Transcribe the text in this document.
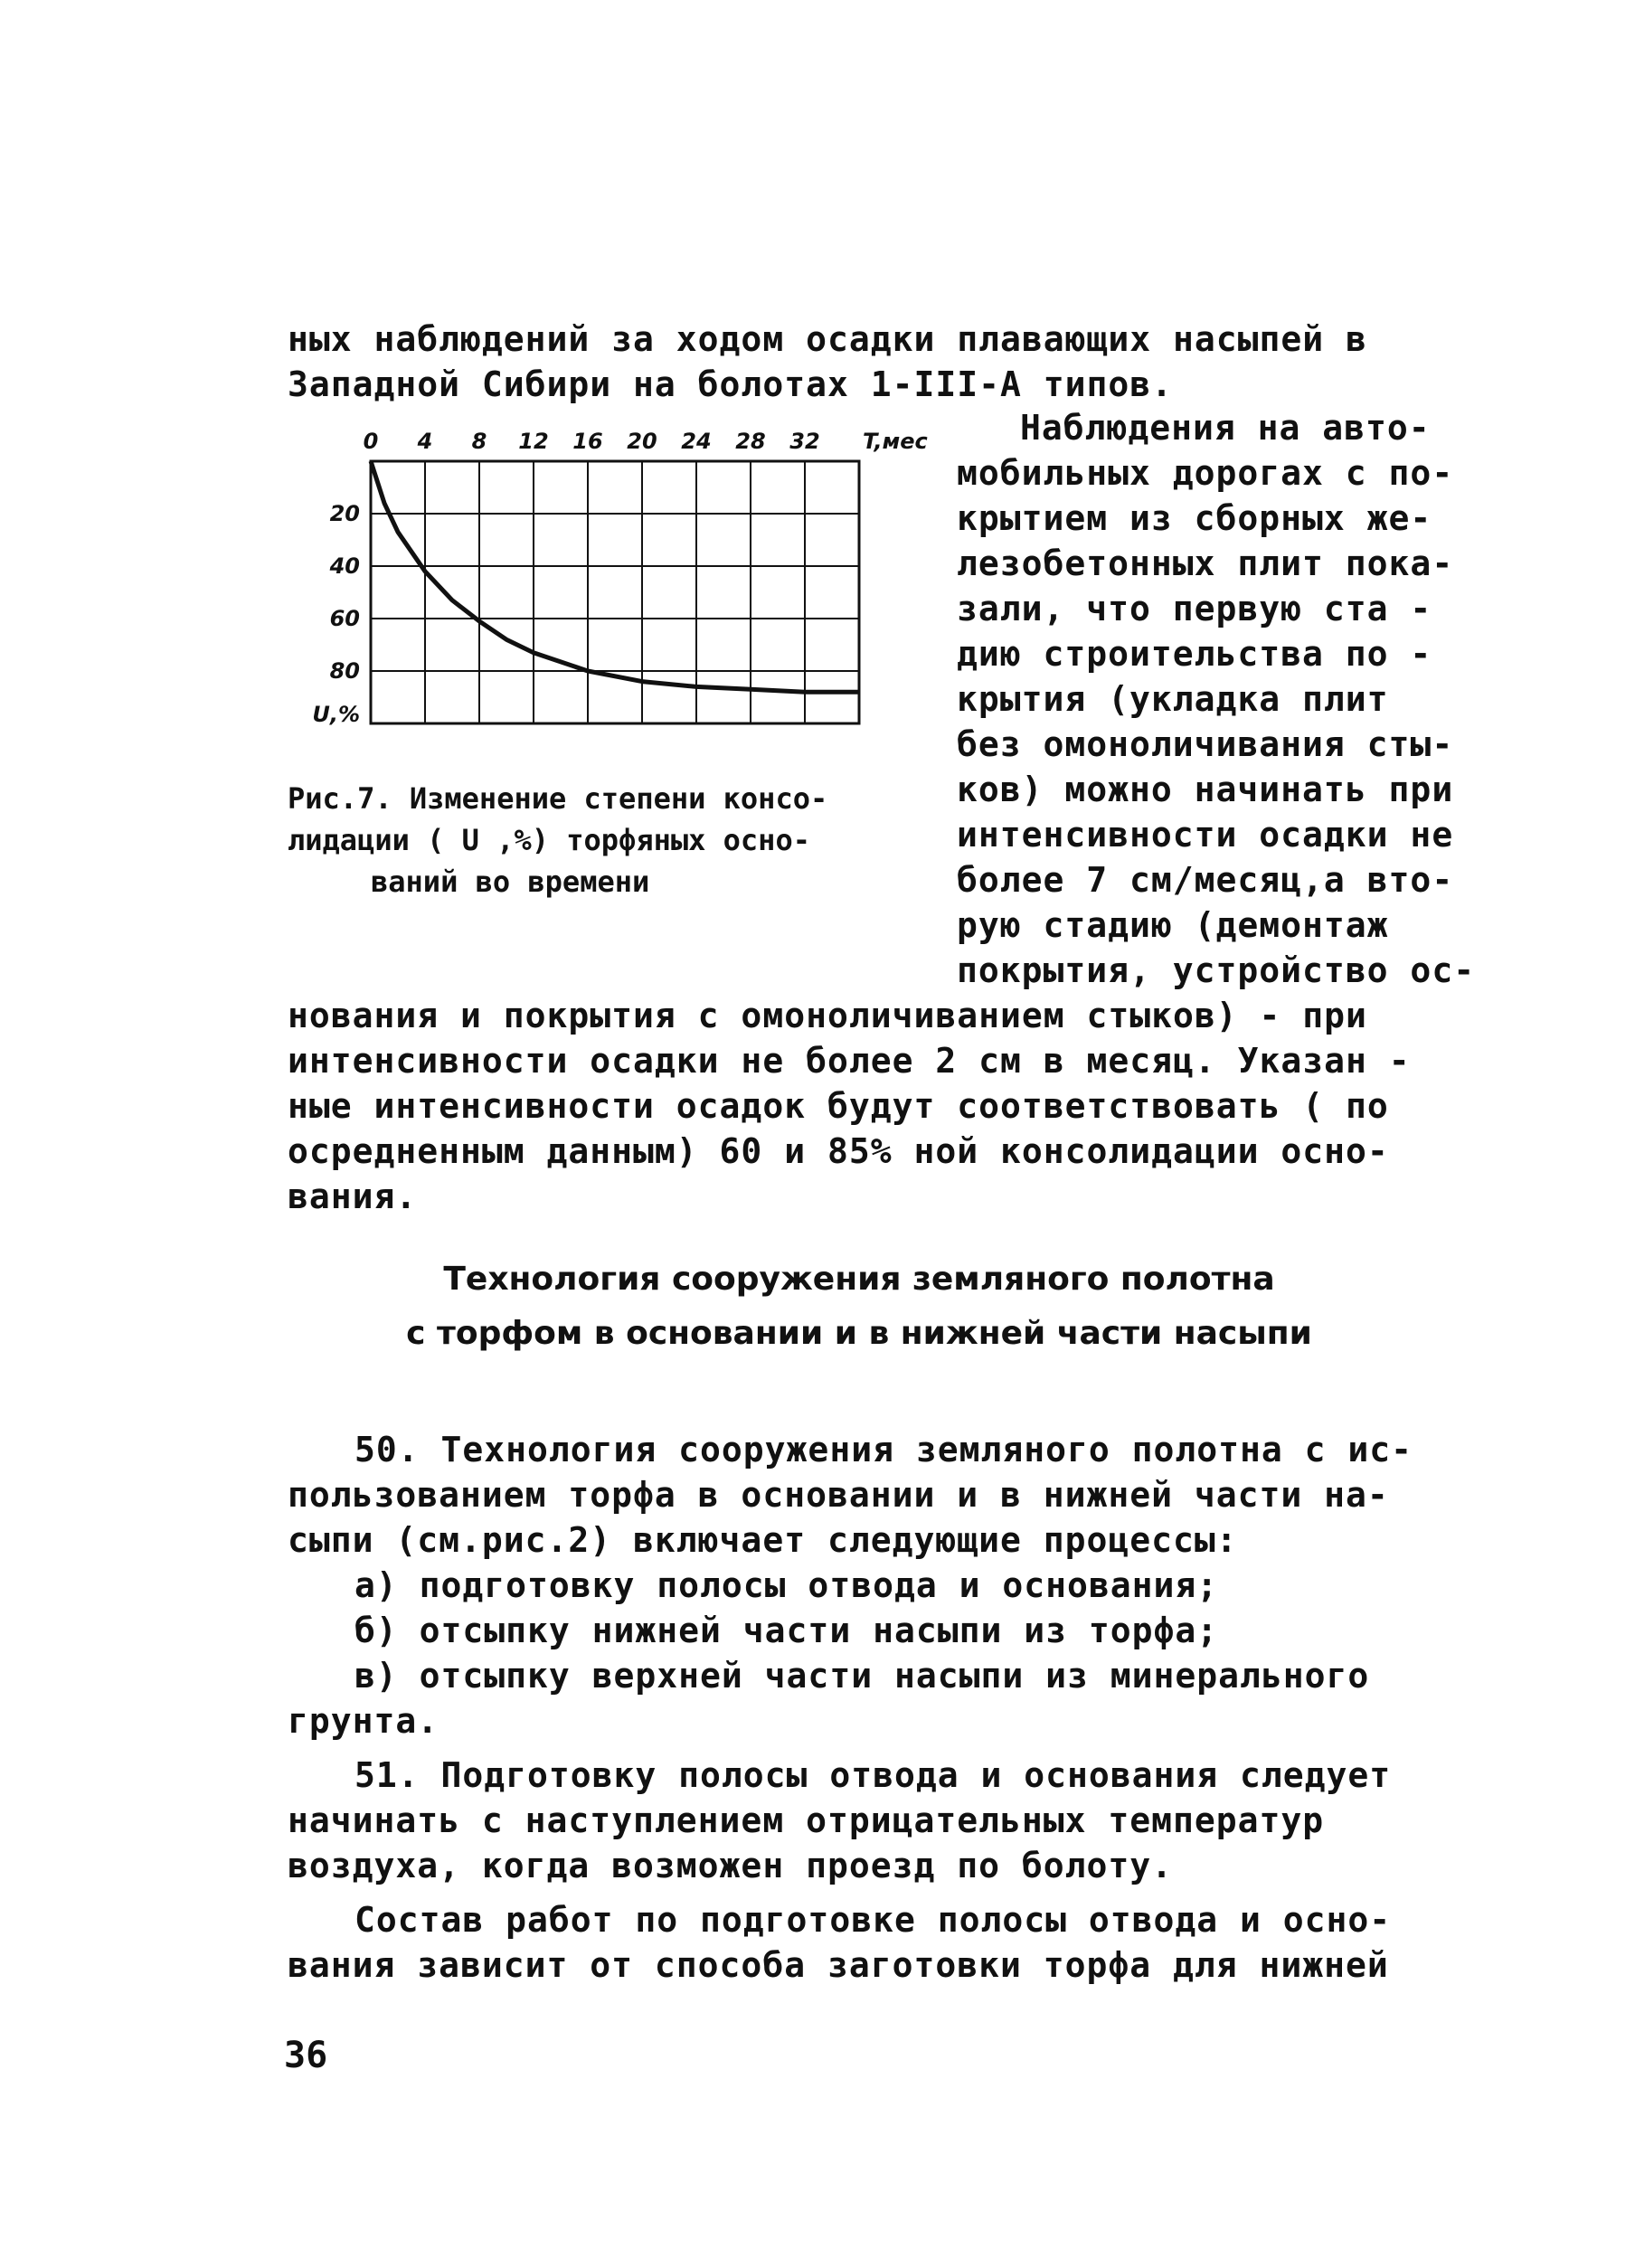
ных наблюдений за ходом осадки плавающих насыпей в
Западной Сибири на болотах 1-III-А типов.
0 4 8 12 16 20 24 28 32 T,мес
20
40
60
80
U,%
Рис.7. Изменение степени консо-
лидации ( U ,%) торфяных осно-
ваний во времени
Наблюдения на авто-
мобильных дорогах с по-
крытием из сборных же-
лезобетонных плит пока-
зали, что первую ста -
дию строительства по -
крытия (укладка плит
без омоноличивания сты-
ков) можно начинать при
интенсивности осадки не
более 7 см/месяц,а вто-
рую стадию (демонтаж
покрытия, устройство ос-
нования и покрытия с омоноличиванием стыков) - при
интенсивности осадки не более 2 см в месяц. Указан -
ные интенсивности осадок будут соответствовать ( по
осредненным данным) 60 и 85% ной консолидации осно-
вания.
Технология сооружения земляного полотна
с торфом в основании и в нижней части насыпи
50. Технология сооружения земляного полотна с ис-
пользованием торфа в основании и в нижней части на-
сыпи (см.рис.2) включает следующие процессы:
а) подготовку полосы отвода и основания;
б) отсыпку нижней части насыпи из торфа;
в) отсыпку верхней части насыпи из минерального
грунта.
51. Подготовку полосы отвода и основания следует
начинать с наступлением отрицательных температур
воздуха, когда возможен проезд по болоту.
Состав работ по подготовке полосы отвода и осно-
вания зависит от способа заготовки торфа для нижней
36
